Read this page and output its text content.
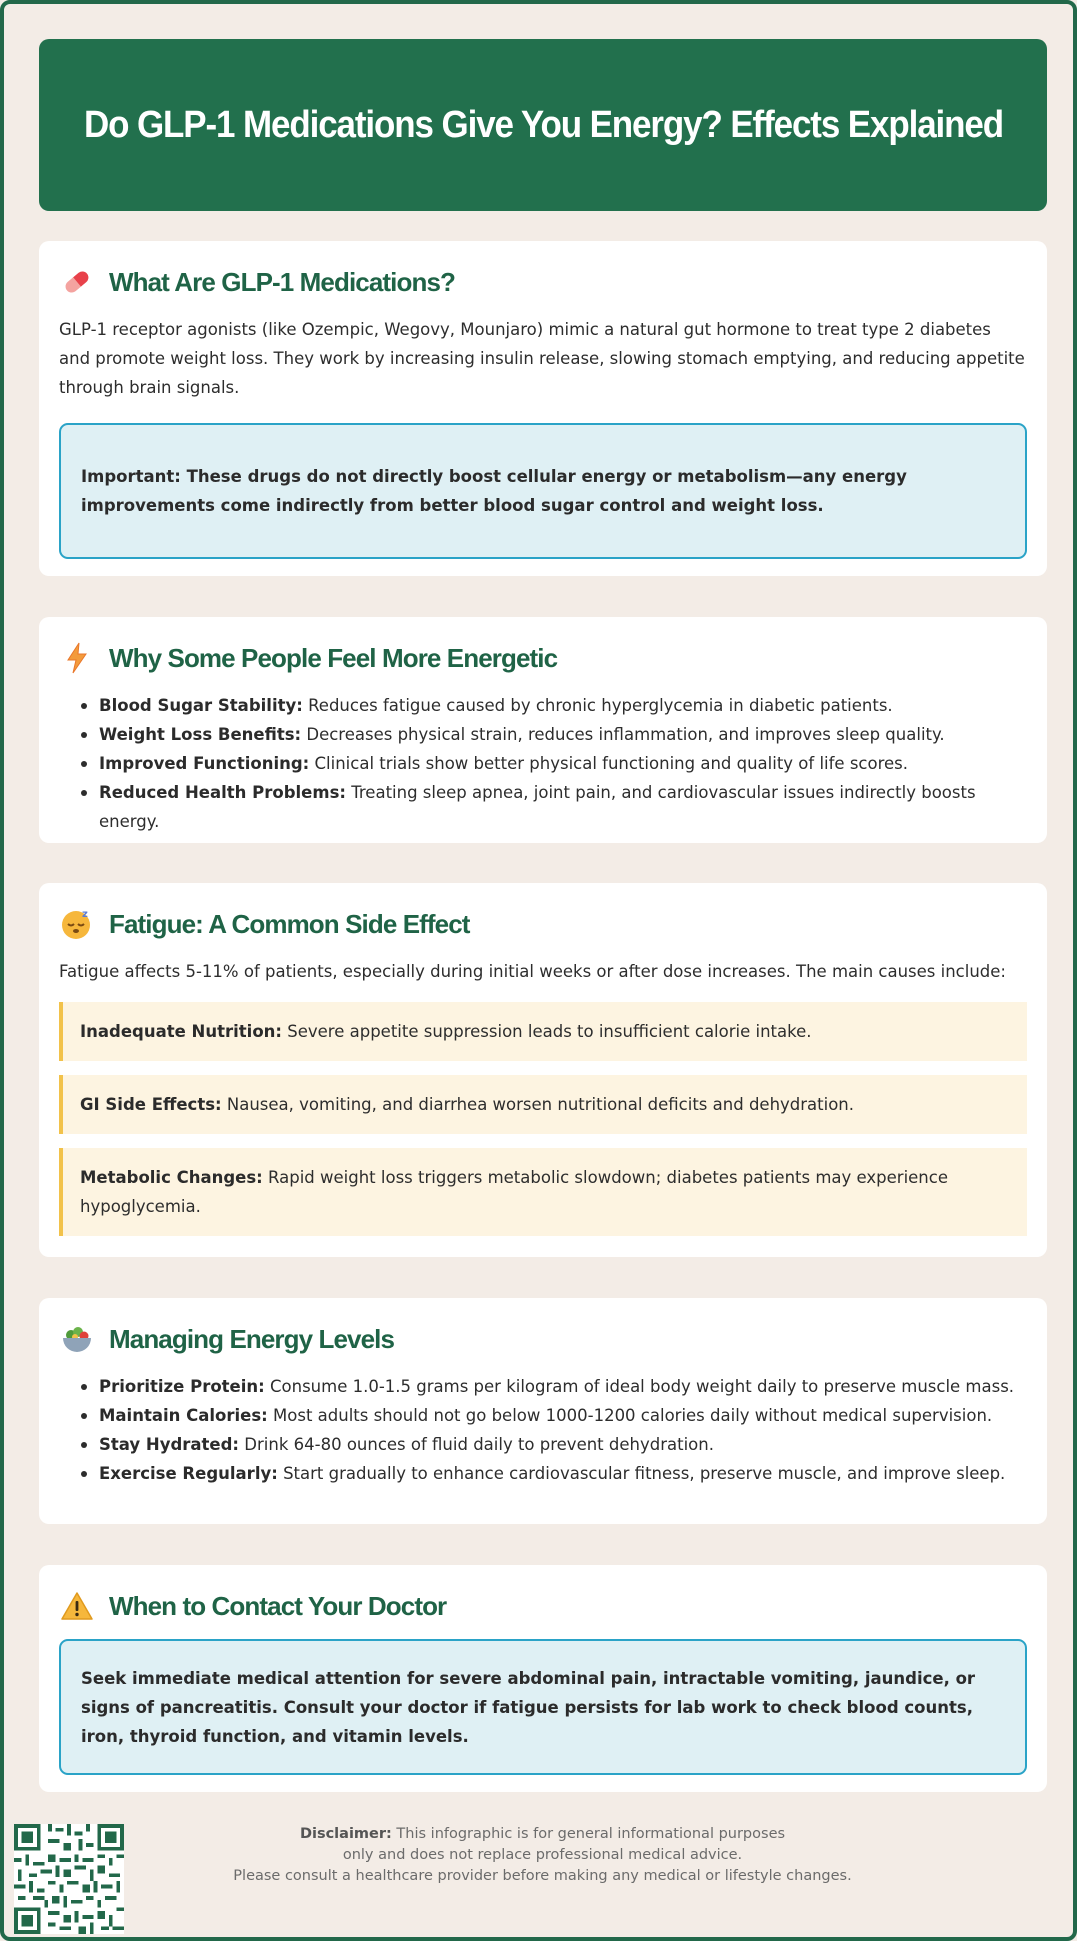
Do GLP-1 Medications Give You Energy? Effects Explained
What Are GLP-1 Medications?

GLP-1 receptor agonists (like Ozempic, Wegovy, Mounjaro) mimic a natural gut hormone to treat type 2 diabetes and promote weight loss. They work by increasing insulin release, slowing stomach emptying, and reducing appetite through brain signals.

Important: These drugs do not directly boost cellular energy or metabolism—any energy improvements come indirectly from better blood sugar control and weight loss.

Why Some People Feel More Energetic
Blood Sugar Stability: Reduces fatigue caused by chronic hyperglycemia in diabetic patients.
Weight Loss Benefits: Decreases physical strain, reduces inflammation, and improves sleep quality.
Improved Functioning: Clinical trials show better physical functioning and quality of life scores.
Reduced Health Problems: Treating sleep apnea, joint pain, and cardiovascular issues indirectly boosts energy.
z Fatigue: A Common Side Effect

Fatigue affects 5-11% of patients, especially during initial weeks or after dose increases. The main causes include:

Inadequate Nutrition: Severe appetite suppression leads to insufficient calorie intake.

GI Side Effects: Nausea, vomiting, and diarrhea worsen nutritional deficits and dehydration.

Metabolic Changes: Rapid weight loss triggers metabolic slowdown; diabetes patients may experience hypoglycemia.

Managing Energy Levels
Prioritize Protein: Consume 1.0-1.5 grams per kilogram of ideal body weight daily to preserve muscle mass.
Maintain Calories: Most adults should not go below 1000-1200 calories daily without medical supervision.
Stay Hydrated: Drink 64-80 ounces of fluid daily to prevent dehydration.
Exercise Regularly: Start gradually to enhance cardiovascular fitness, preserve muscle, and improve sleep.
When to Contact Your Doctor

Seek immediate medical attention for severe abdominal pain, intractable vomiting, jaundice, or signs of pancreatitis. Consult your doctor if fatigue persists for lab work to check blood counts, iron, thyroid function, and vitamin levels.

Disclaimer: This infographic is for general informational purposes
only and does not replace professional medical advice.
Please consult a healthcare provider before making any medical or lifestyle changes.
